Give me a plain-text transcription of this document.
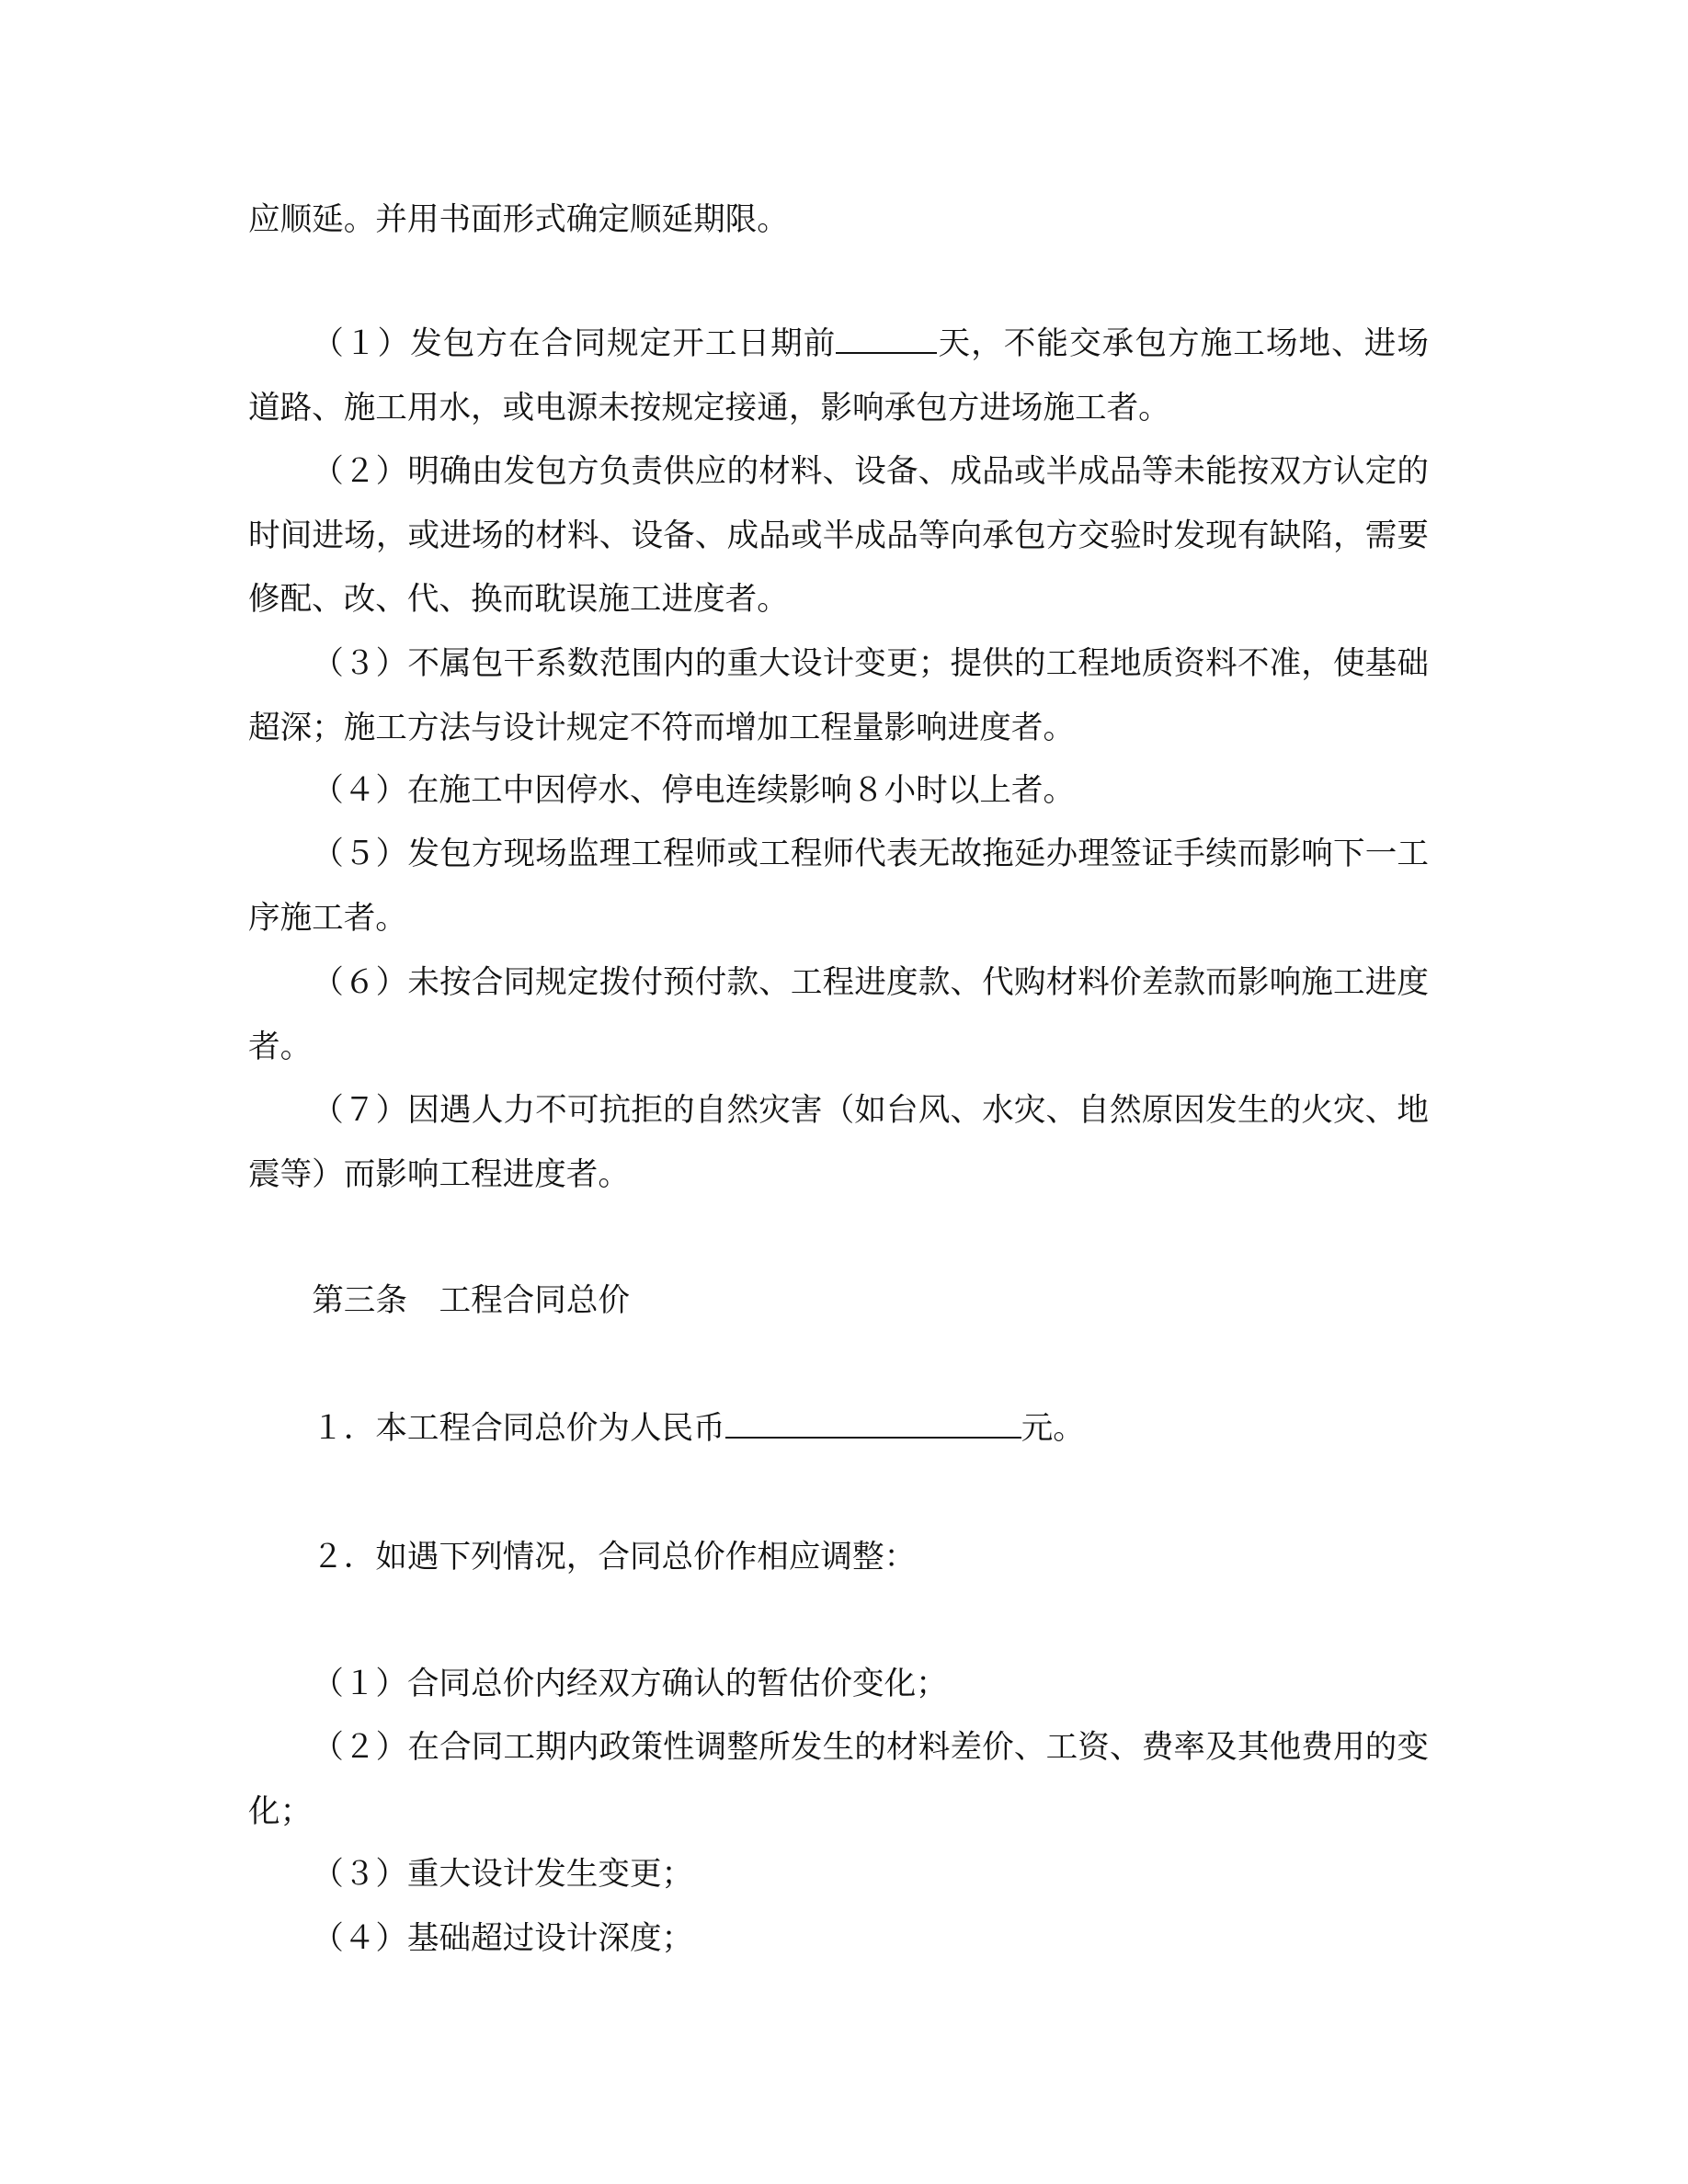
应顺延。并用书面形式确定顺延期限。

（１）发包方在合同规定开工日期前	天，不能交承包方施工场地、进场道路、施工用水，或电源未按规定接通，影响承包方进场施工者。

（２）明确由发包方负责供应的材料、设备、成品或半成品等未能按双方认定的时间进场，或进场的材料、设备、成品或半成品等向承包方交验时发现有缺陷，需要修配、改、代、换而耽误施工进度者。

（３）不属包干系数范围内的重大设计变更；提供的工程地质资料不准，使基础超深；施工方法与设计规定不符而增加工程量影响进度者。

（４）在施工中因停水、停电连续影响８小时以上者。

（５）发包方现场监理工程师或工程师代表无故拖延办理签证手续而影响下一工序施工者。

（６）未按合同规定拨付预付款、工程进度款、代购材料价差款而影响施工进度者。

（７）因遇人力不可抗拒的自然灾害（如台风、水灾、自然原因发生的火灾、地震等）而影响工程进度者。

第三条 工程合同总价

１．本工程合同总价为人民币	元。

２．如遇下列情况，合同总价作相应调整：

（１）合同总价内经双方确认的暂估价变化；

（２）在合同工期内政策性调整所发生的材料差价、工资、费率及其他费用的变化；

（３）重大设计发生变更；

（４）基础超过设计深度；
